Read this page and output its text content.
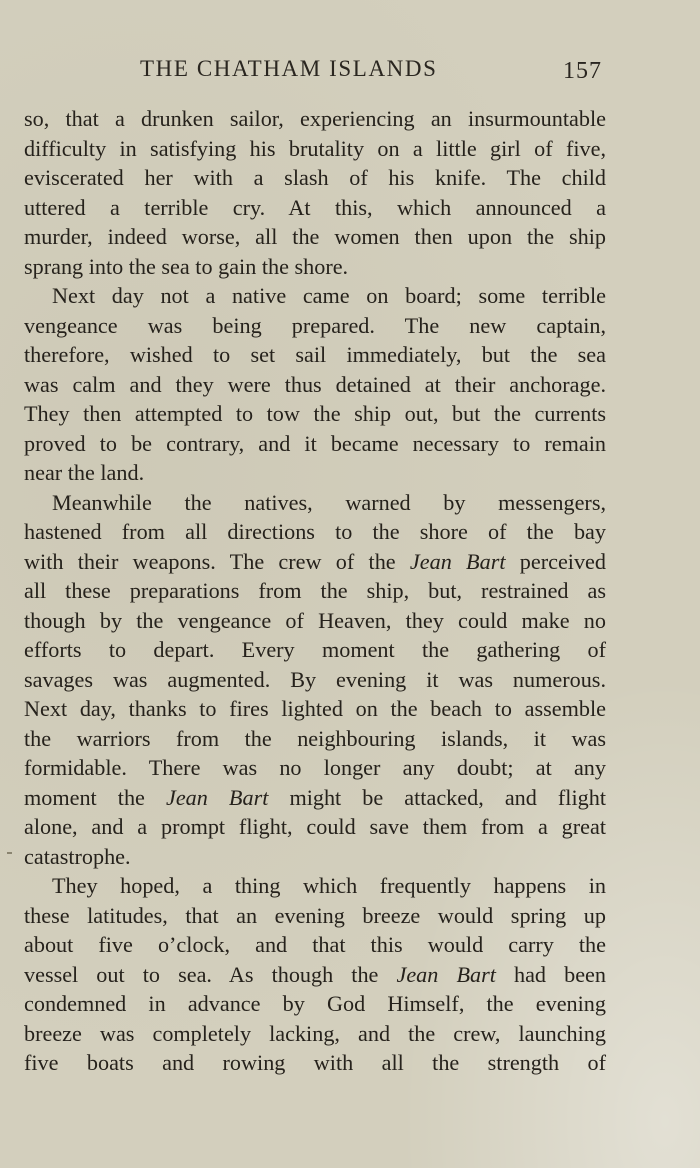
THE CHATHAM ISLANDS	157
so, that a drunken sailor, experiencing an insurmountable
difficulty in satisfying his brutality on a little girl of five,
eviscerated her with a slash of his knife. The child
uttered a terrible cry. At this, which announced a
murder, indeed worse, all the women then upon the ship
sprang into the sea to gain the shore.
Next day not a native came on board; some terrible
vengeance was being prepared. The new captain,
therefore, wished to set sail immediately, but the sea
was calm and they were thus detained at their anchorage.
They then attempted to tow the ship out, but the currents
proved to be contrary, and it became necessary to remain
near the land.
Meanwhile the natives, warned by messengers,
hastened from all directions to the shore of the bay
with their weapons. The crew of the Jean Bart perceived
all these preparations from the ship, but, restrained as
though by the vengeance of Heaven, they could make no
efforts to depart. Every moment the gathering of
savages was augmented. By evening it was numerous.
Next day, thanks to fires lighted on the beach to assemble
the warriors from the neighbouring islands, it was
formidable. There was no longer any doubt; at any
moment the Jean Bart might be attacked, and flight
alone, and a prompt flight, could save them from a great
catastrophe.
They hoped, a thing which frequently happens in
these latitudes, that an evening breeze would spring up
about five o’clock, and that this would carry the
vessel out to sea. As though the Jean Bart had been
condemned in advance by God Himself, the evening
breeze was completely lacking, and the crew, launching
five boats and rowing with all the strength of
